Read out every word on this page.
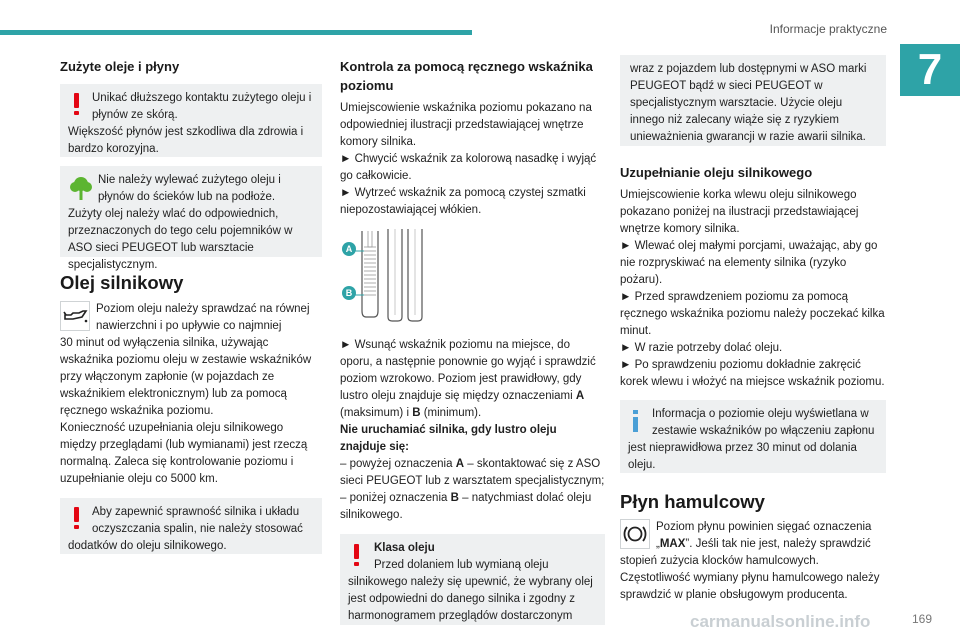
Informacje praktyczne
7
Zużyte oleje i płyny
Unikać dłuższego kontaktu zużytego oleju i płynów ze skórą.
Większość płynów jest szkodliwa dla zdrowia i bardzo korozyjna.
Nie należy wylewać zużytego oleju i płynów do ścieków lub na podłoże.
Zużyty olej należy wlać do odpowiednich, przeznaczonych do tego celu pojemników w ASO sieci PEUGEOT lub warsztacie specjalistycznym.
Olej silnikowy
Poziom oleju należy sprawdzać na równej nawierzchni i po upływie co najmniej
30 minut od wyłączenia silnika, używając wskaźnika poziomu oleju w zestawie wskaźników przy włączonym zapłonie (w pojazdach ze wskaźnikiem elektronicznym) lub za pomocą ręcznego wskaźnika poziomu.
Konieczność uzupełniania oleju silnikowego między przeglądami (lub wymianami) jest rzeczą normalną. Zaleca się kontrolowanie poziomu i uzupełnianie oleju co 5000 km.
Aby zapewnić sprawność silnika i układu oczyszczania spalin, nie należy stosować
dodatków do oleju silnikowego.
Kontrola za pomocą ręcznego wskaźnika poziomu
Umiejscowienie wskaźnika poziomu pokazano na odpowiedniej ilustracji przedstawiającej wnętrze komory silnika.
► Chwycić wskaźnik za kolorową nasadkę i wyjąć go całkowicie.
► Wytrzeć wskaźnik za pomocą czystej szmatki niepozostawiającej włókien.
A
B
► Wsunąć wskaźnik poziomu na miejsce, do oporu, a następnie ponownie go wyjąć i sprawdzić poziom wzrokowo. Poziom jest prawidłowy, gdy lustro oleju znajduje się między oznaczeniami A (maksimum) i B (minimum).
Nie uruchamiać silnika, gdy lustro oleju znajduje się:
– powyżej oznaczenia A – skontaktować się z ASO sieci PEUGEOT lub z warsztatem specjalistycznym;
– poniżej oznaczenia B – natychmiast dolać oleju silnikowego.
Klasa oleju
Przed dolaniem lub wymianą oleju
silnikowego należy się upewnić, że wybrany olej jest odpowiedni do danego silnika i zgodny z harmonogramem przeglądów dostarczonym
wraz z pojazdem lub dostępnymi w ASO marki PEUGEOT bądź w sieci PEUGEOT w specjalistycznym warsztacie. Użycie oleju innego niż zalecany wiąże się z ryzykiem unieważnienia gwarancji w razie awarii silnika.
Uzupełnianie oleju silnikowego
Umiejscowienie korka wlewu oleju silnikowego pokazano poniżej na ilustracji przedstawiającej wnętrze komory silnika.
► Wlewać olej małymi porcjami, uważając, aby go nie rozpryskiwać na elementy silnika (ryzyko pożaru).
► Przed sprawdzeniem poziomu za pomocą ręcznego wskaźnika poziomu należy poczekać kilka minut.
► W razie potrzeby dolać oleju.
► Po sprawdzeniu poziomu dokładnie zakręcić korek wlewu i włożyć na miejsce wskaźnik poziomu.
Informacja o poziomie oleju wyświetlana w zestawie wskaźników po włączeniu zapłonu
jest nieprawidłowa przez 30 minut od dolania oleju.
Płyn hamulcowy
Poziom płynu powinien sięgać oznaczenia „MAX”. Jeśli tak nie jest, należy sprawdzić
stopień zużycia klocków hamulcowych.
Częstotliwość wymiany płynu hamulcowego należy sprawdzić w planie obsługowym producenta.
carmanualsonline.info	169
